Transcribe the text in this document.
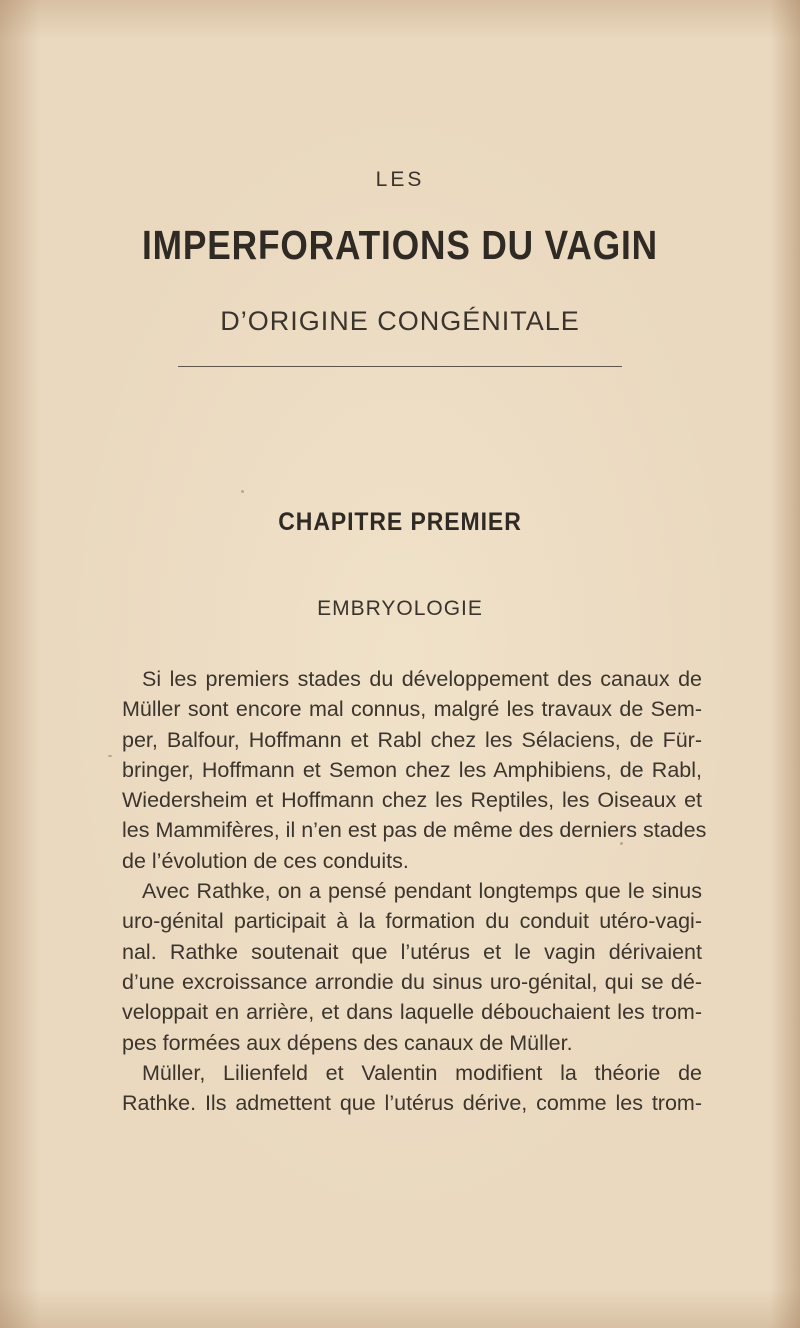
LES
IMPERFORATIONS DU VAGIN
D’ORIGINE CONGÉNITALE
CHAPITRE PREMIER
EMBRYOLOGIE
Si les premiers stades du développement des canaux de
Müller sont encore mal connus, malgré les travaux de Sem-
per, Balfour, Hoffmann et Rabl chez les Sélaciens, de Für-
bringer, Hoffmann et Semon chez les Amphibiens, de Rabl,
Wiedersheim et Hoffmann chez les Reptiles, les Oiseaux et
les Mammifères, il n’en est pas de même des derniers stades
de l’évolution de ces conduits.
Avec Rathke, on a pensé pendant longtemps que le sinus
uro-génital participait à la formation du conduit utéro-vagi-
nal. Rathke soutenait que l’utérus et le vagin dérivaient
d’une excroissance arrondie du sinus uro-génital, qui se dé-
veloppait en arrière, et dans laquelle débouchaient les trom-
pes formées aux dépens des canaux de Müller.
Müller, Lilienfeld et Valentin modifient la théorie de
Rathke. Ils admettent que l’utérus dérive, comme les trom-
